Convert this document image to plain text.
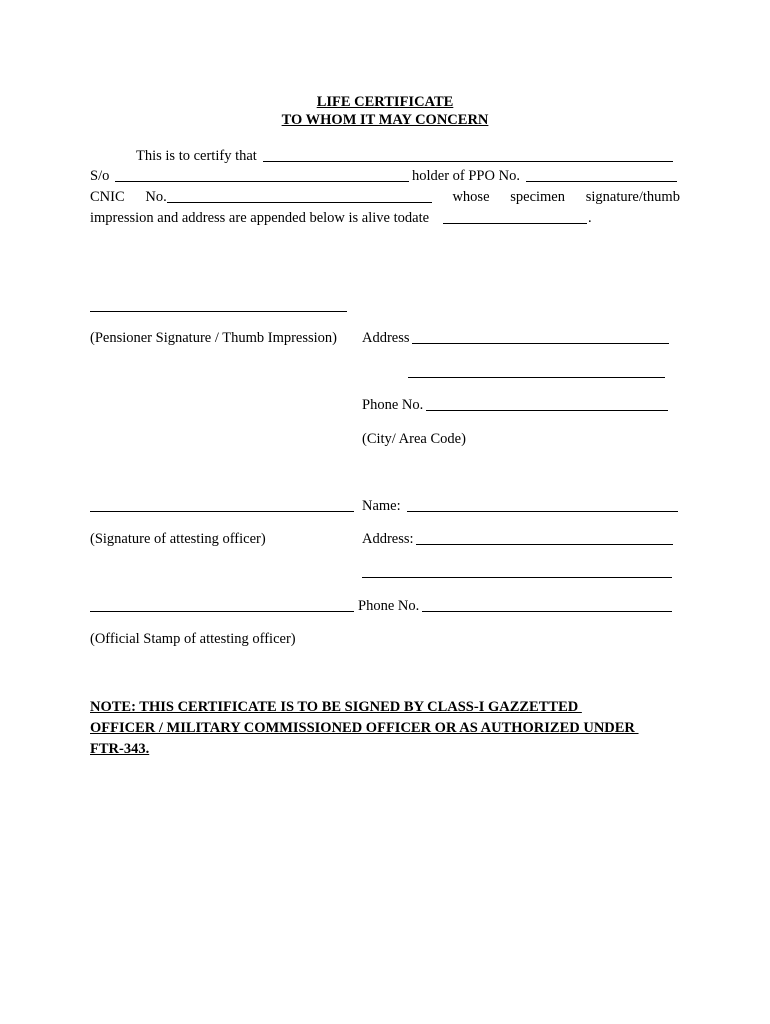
LIFE CERTIFICATE
TO WHOM IT MAY CONCERN
This is to certify that
S/o	holder of PPO No.
CNIC No.	whose specimen signature/thumb
impression and address are appended below is alive todate	.
(Pensioner Signature / Thumb Impression) Address
Phone No.
(City/ Area Code)
Name:
(Signature of attesting officer)	Address:
Phone No.
(Official Stamp of attesting officer)
NOTE: THIS CERTIFICATE IS TO BE SIGNED BY CLASS-I GAZZETTED
OFFICER / MILITARY COMMISSIONED OFFICER OR AS AUTHORIZED UNDER
FTR-343.
